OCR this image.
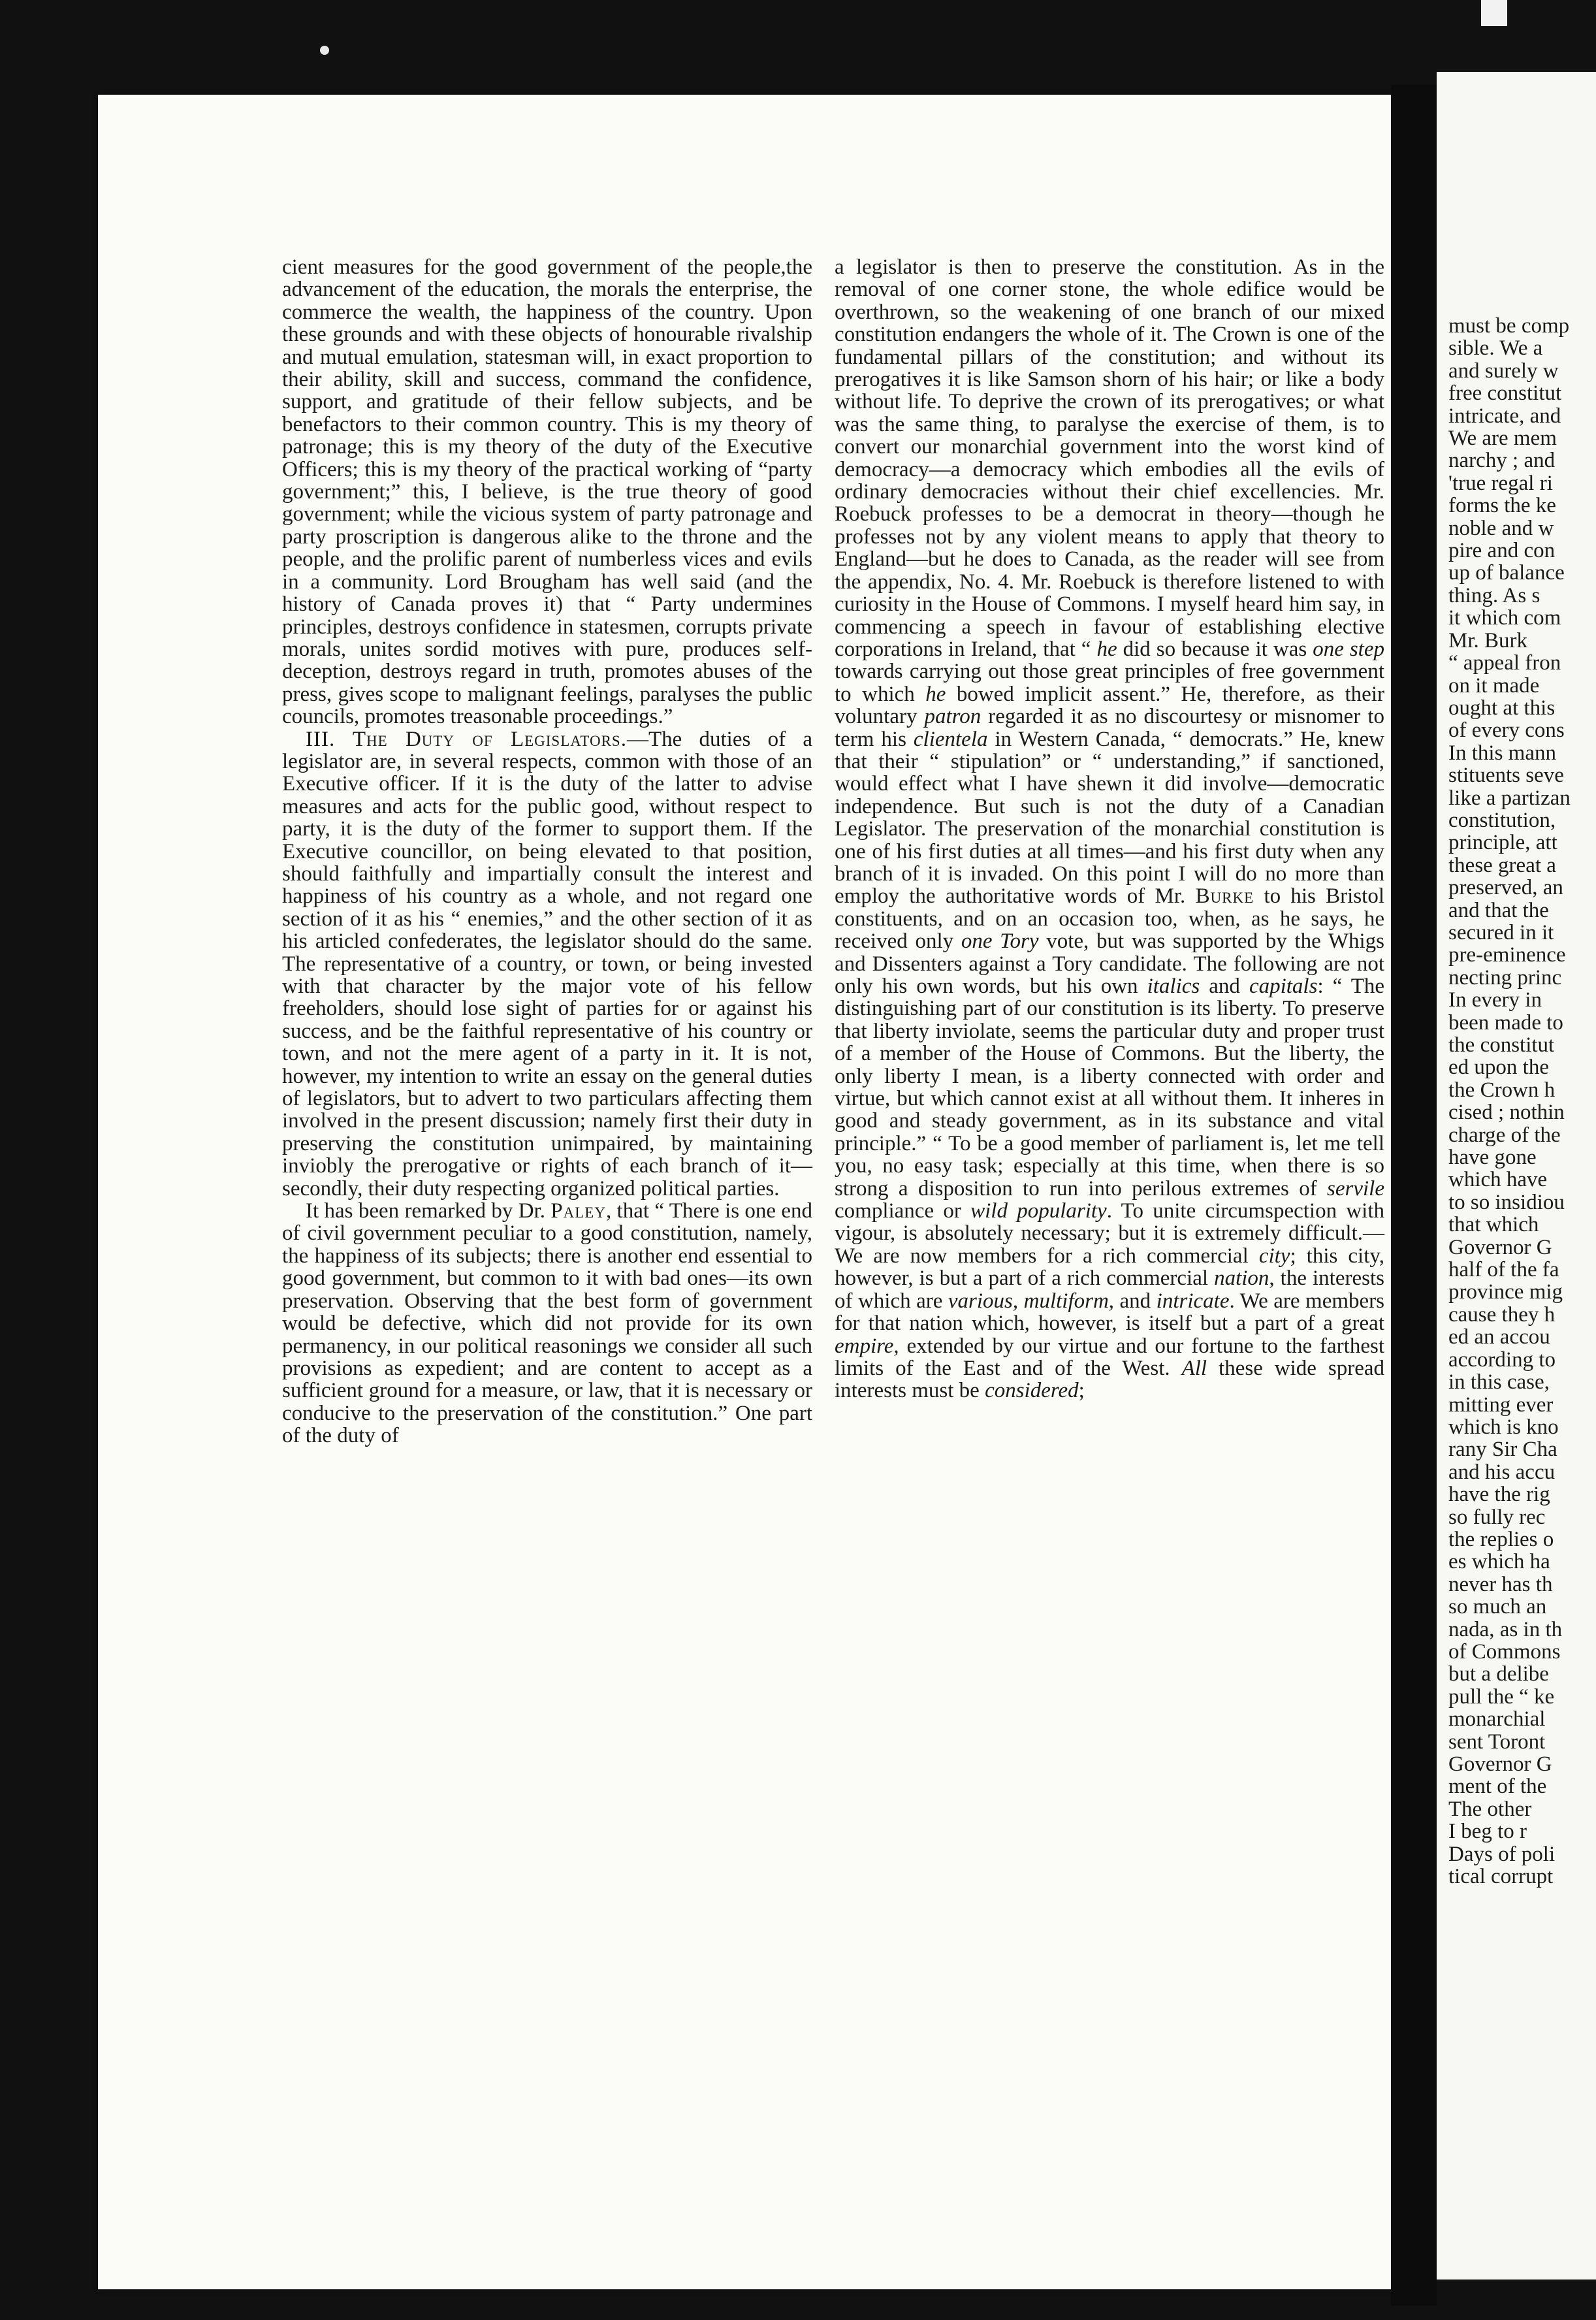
must be comp
sible. We a
and surely w
free constitut
intricate, and
We are mem
narchy ; and
'true regal ri
forms the ke
noble and w
pire and con
up of balance
thing. As s
it which com
Mr. Burk
“ appeal fron
on it made
ought at this
of every cons
In this mann
stituents seve
like a partizan
constitution,
principle, att
these great a
preserved, an
and that the
secured in it
pre-eminence
necting princ
In every in
been made to
the constitut
ed upon the
the Crown h
cised ; nothin
charge of the
have gone
which have
to so insidiou
that which
Governor G
half of the fa
province mig
cause they h
ed an accou
according to
in this case,
mitting ever
which is kno
rany Sir Cha
and his accu
have the rig
so fully rec
the replies o
es which ha
never has th
so much an
nada, as in th
of Commons
but a delibe
pull the “ ke
monarchial
sent Toront
Governor G
ment of the
The other
I beg to r
Days of poli
tical corrupt

cient measures for the good government of the people,the advancement of the education, the morals the enterprise, the commerce the wealth, the happiness of the country. Upon these grounds and with these objects of honourable rivalship and mutual emulation, statesman will, in exact proportion to their ability, skill and success, command the confidence, support, and gratitude of their fellow subjects, and be benefactors to their common country. This is my theory of patronage; this is my theory of the duty of the Executive Officers; this is my theory of the practical working of “party government;” this, I believe, is the true theory of good government; while the vicious system of party patronage and party proscription is dangerous alike to the throne and the people, and the prolific parent of numberless vices and evils in a community. Lord Brougham has well said (and the history of Canada proves it) that “ Party undermines principles, destroys confidence in statesmen, corrupts private morals, unites sordid motives with pure, produces self-deception, destroys regard in truth, promotes abuses of the press, gives scope to malignant feelings, paralyses the public councils, promotes treasonable proceedings.”

III. The Duty of Legislators.—The duties of a legislator are, in several respects, common with those of an Executive officer. If it is the duty of the latter to advise measures and acts for the public good, without respect to party, it is the duty of the former to support them. If the Executive councillor, on being elevated to that position, should faithfully and impartially consult the interest and happiness of his country as a whole, and not regard one section of it as his “ enemies,” and the other section of it as his articled confederates, the legislator should do the same. The representative of a country, or town, or being invested with that character by the major vote of his fellow freeholders, should lose sight of parties for or against his success, and be the faithful representative of his country or town, and not the mere agent of a party in it. It is not, however, my intention to write an essay on the general duties of legislators, but to advert to two particulars affecting them involved in the present discussion; namely first their duty in preserving the constitution unimpaired, by maintaining inviobly the prerogative or rights of each branch of it—secondly, their duty respecting organized political parties.

It has been remarked by Dr. Paley, that “ There is one end of civil government peculiar to a good constitution, namely, the happiness of its subjects; there is another end essential to good government, but common to it with bad ones—its own preservation. Observing that the best form of government would be defective, which did not provide for its own permanency, in our political reasonings we consider all such provisions as expedient; and are content to accept as a sufficient ground for a measure, or law, that it is necessary or conducive to the preservation of the constitution.” One part of the duty of

a legislator is then to preserve the constitution. As in the removal of one corner stone, the whole edifice would be overthrown, so the weakening of one branch of our mixed constitution endangers the whole of it. The Crown is one of the fundamental pillars of the constitution; and without its prerogatives it is like Samson shorn of his hair; or like a body without life. To deprive the crown of its prerogatives; or what was the same thing, to paralyse the exercise of them, is to convert our monarchial government into the worst kind of democracy—a democracy which embodies all the evils of ordinary democracies without their chief excellencies. Mr. Roebuck professes to be a democrat in theory—though he professes not by any violent means to apply that theory to England—but he does to Canada, as the reader will see from the appendix, No. 4. Mr. Roebuck is therefore listened to with curiosity in the House of Commons. I myself heard him say, in commencing a speech in favour of establishing elective corporations in Ireland, that “ he did so because it was one step towards carrying out those great principles of free government to which he bowed implicit assent.” He, therefore, as their voluntary patron regarded it as no discourtesy or misnomer to term his clientela in Western Canada, “ democrats.” He, knew that their “ stipulation” or “ understanding,” if sanctioned, would effect what I have shewn it did involve—democratic independence. But such is not the duty of a Canadian Legislator. The preservation of the monarchial constitution is one of his first duties at all times—and his first duty when any branch of it is invaded. On this point I will do no more than employ the authoritative words of Mr. Burke to his Bristol constituents, and on an occasion too, when, as he says, he received only one Tory vote, but was supported by the Whigs and Dissenters against a Tory candidate. The following are not only his own words, but his own italics and capitals: “ The distinguishing part of our constitution is its liberty. To preserve that liberty inviolate, seems the particular duty and proper trust of a member of the House of Commons. But the liberty, the only liberty I mean, is a liberty connected with order and virtue, but which cannot exist at all without them. It inheres in good and steady government, as in its substance and vital principle.” “ To be a good member of parliament is, let me tell you, no easy task; especially at this time, when there is so strong a disposition to run into perilous extremes of servile compliance or wild popularity. To unite circumspection with vigour, is absolutely necessary; but it is extremely difficult.—We are now members for a rich commercial city; this city, however, is but a part of a rich commercial nation, the interests of which are various, multiform, and intricate. We are members for that nation which, however, is itself but a part of a great empire, extended by our virtue and our fortune to the farthest limits of the East and of the West. All these wide spread interests must be considered;
